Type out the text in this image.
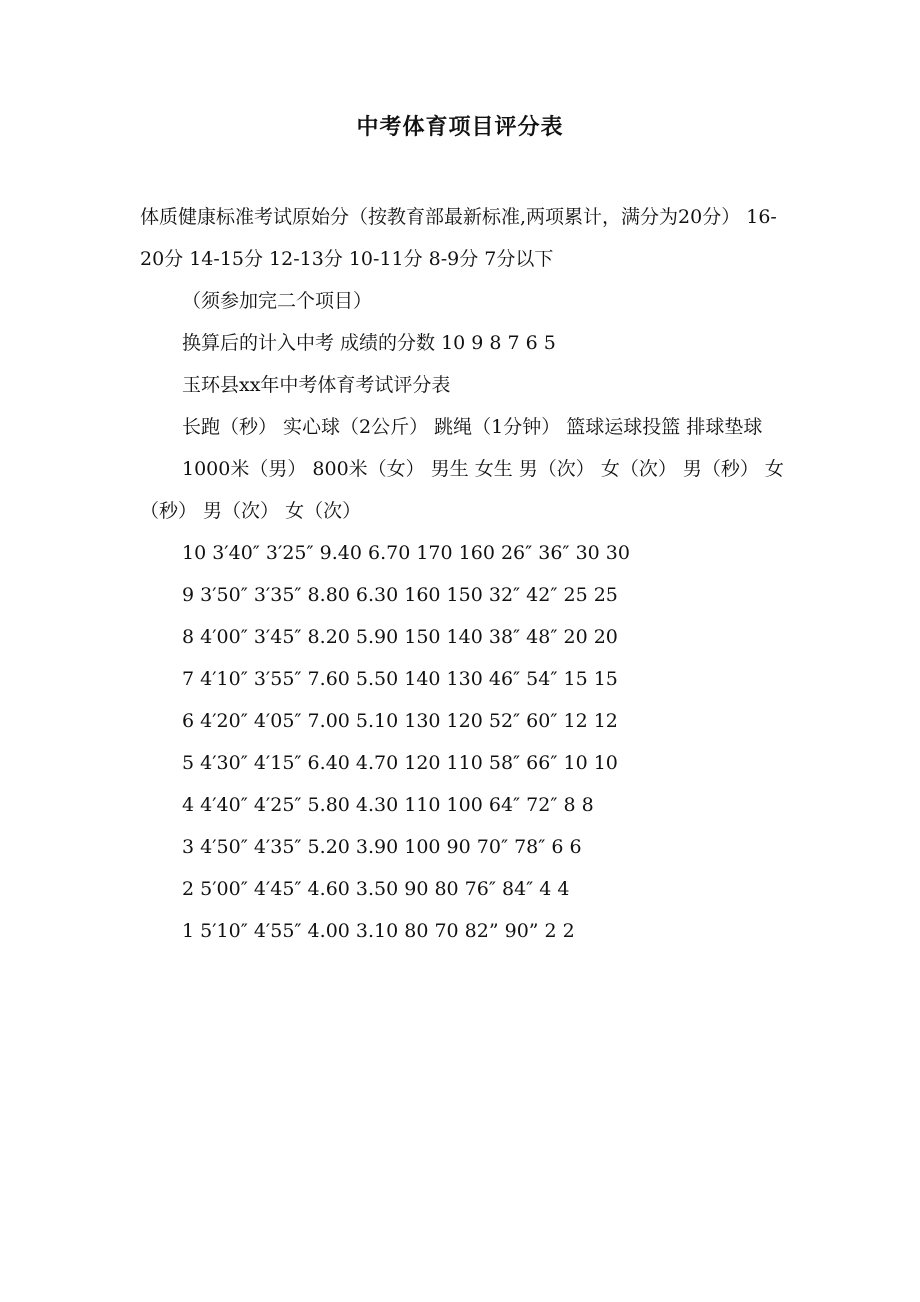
中考体育项目评分表

体质健康标准考试原始分（按教育部最新标准,两项累计，满分为20分） 16-20分 14-15分 12-13分 10-11分 8-9分 7分以下

（须参加完二个项目）

换算后的计入中考 成绩的分数 10 9 8 7 6 5

玉环县xx年中考体育考试评分表

长跑（秒） 实心球（2公斤） 跳绳（1分钟） 篮球运球投篮 排球垫球

1000米（男） 800米（女） 男生 女生 男（次） 女（次） 男（秒） 女（秒） 男（次） 女（次）

10 3′40″ 3′25″ 9.40 6.70 170 160 26″ 36″ 30 30

9 3′50″ 3′35″ 8.80 6.30 160 150 32″ 42″ 25 25

8 4′00″ 3′45″ 8.20 5.90 150 140 38″ 48″ 20 20

7 4′10″ 3′55″ 7.60 5.50 140 130 46″ 54″ 15 15

6 4′20″ 4′05″ 7.00 5.10 130 120 52″ 60″ 12 12

5 4′30″ 4′15″ 6.40 4.70 120 110 58″ 66″ 10 10

4 4′40″ 4′25″ 5.80 4.30 110 100 64″ 72″ 8 8

3 4′50″ 4′35″ 5.20 3.90 100 90 70″ 78″ 6 6

2 5′00″ 4′45″ 4.60 3.50 90 80 76″ 84″ 4 4

1 5′10″ 4′55″ 4.00 3.10 80 70 82” 90” 2 2
